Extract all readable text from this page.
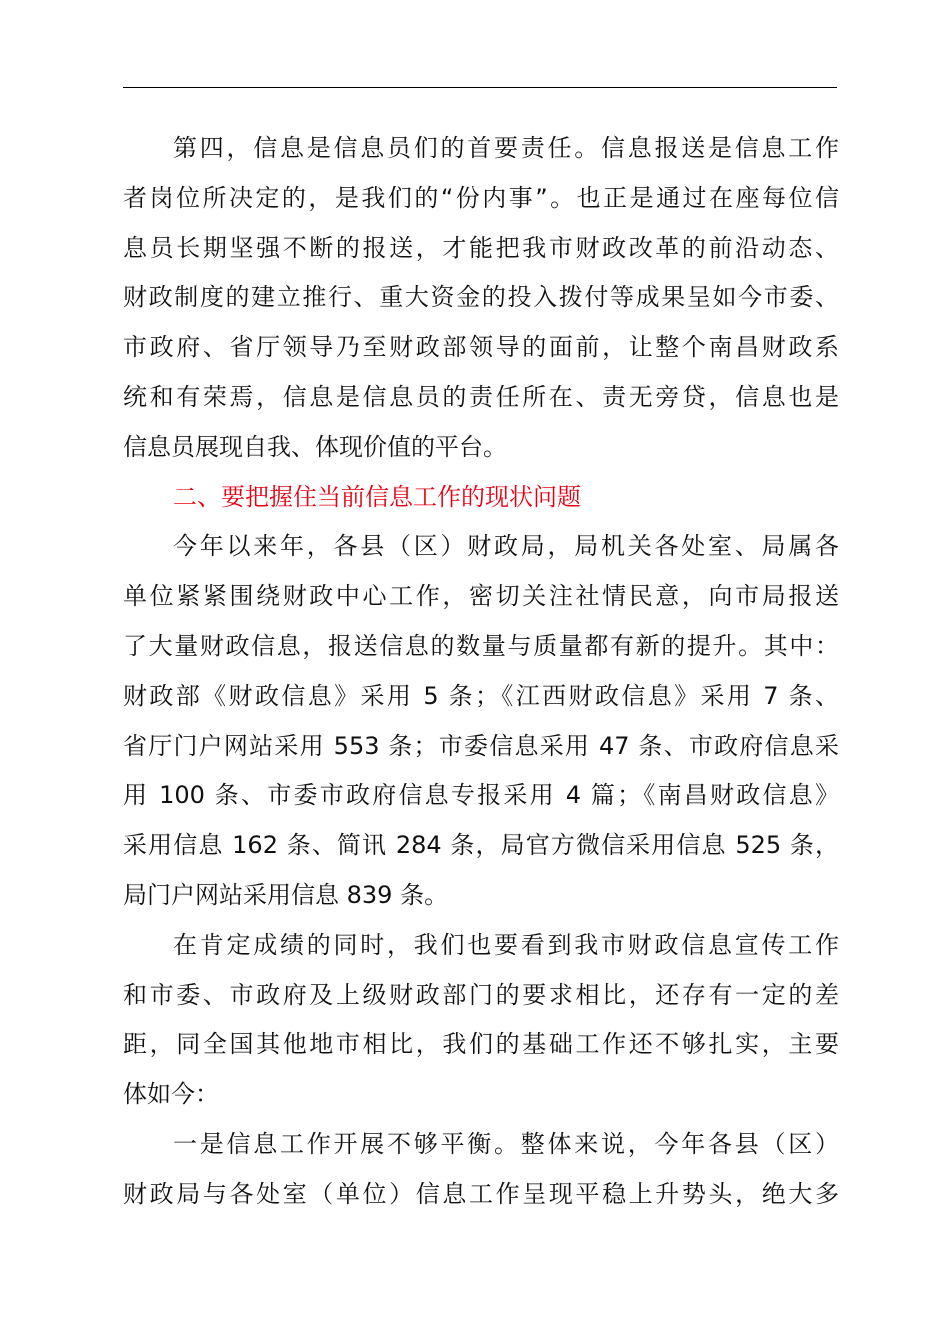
第四，信息是信息员们的首要责任。信息报送是信息工作
者岗位所决定的，是我们的“份内事”。也正是通过在座每位信
息员长期坚强不断的报送，才能把我市财政改革的前沿动态、
财政制度的建立推行、重大资金的投入拨付等成果呈如今市委、
市政府、省厅领导乃至财政部领导的面前，让整个南昌财政系
统和有荣焉，信息是信息员的责任所在、责无旁贷，信息也是
信息员展现自我、体现价值的平台。
二、要把握住当前信息工作的现状问题
今年以来年，各县（区）财政局，局机关各处室、局属各
单位紧紧围绕财政中心工作，密切关注社情民意，向市局报送
了大量财政信息，报送信息的数量与质量都有新的提升。其中：
财政部《财政信息》采用 5 条；《江西财政信息》采用 7 条、
省厅门户网站采用 553 条；市委信息采用 47 条、市政府信息采
用 100 条、市委市政府信息专报采用 4 篇；《南昌财政信息》
采用信息 162 条、简讯 284 条，局官方微信采用信息 525 条，
局门户网站采用信息 839 条。
在肯定成绩的同时，我们也要看到我市财政信息宣传工作
和市委、市政府及上级财政部门的要求相比，还存有一定的差
距，同全国其他地市相比，我们的基础工作还不够扎实，主要
体如今：
一是信息工作开展不够平衡。整体来说，今年各县（区）
财政局与各处室（单位）信息工作呈现平稳上升势头，绝大多
